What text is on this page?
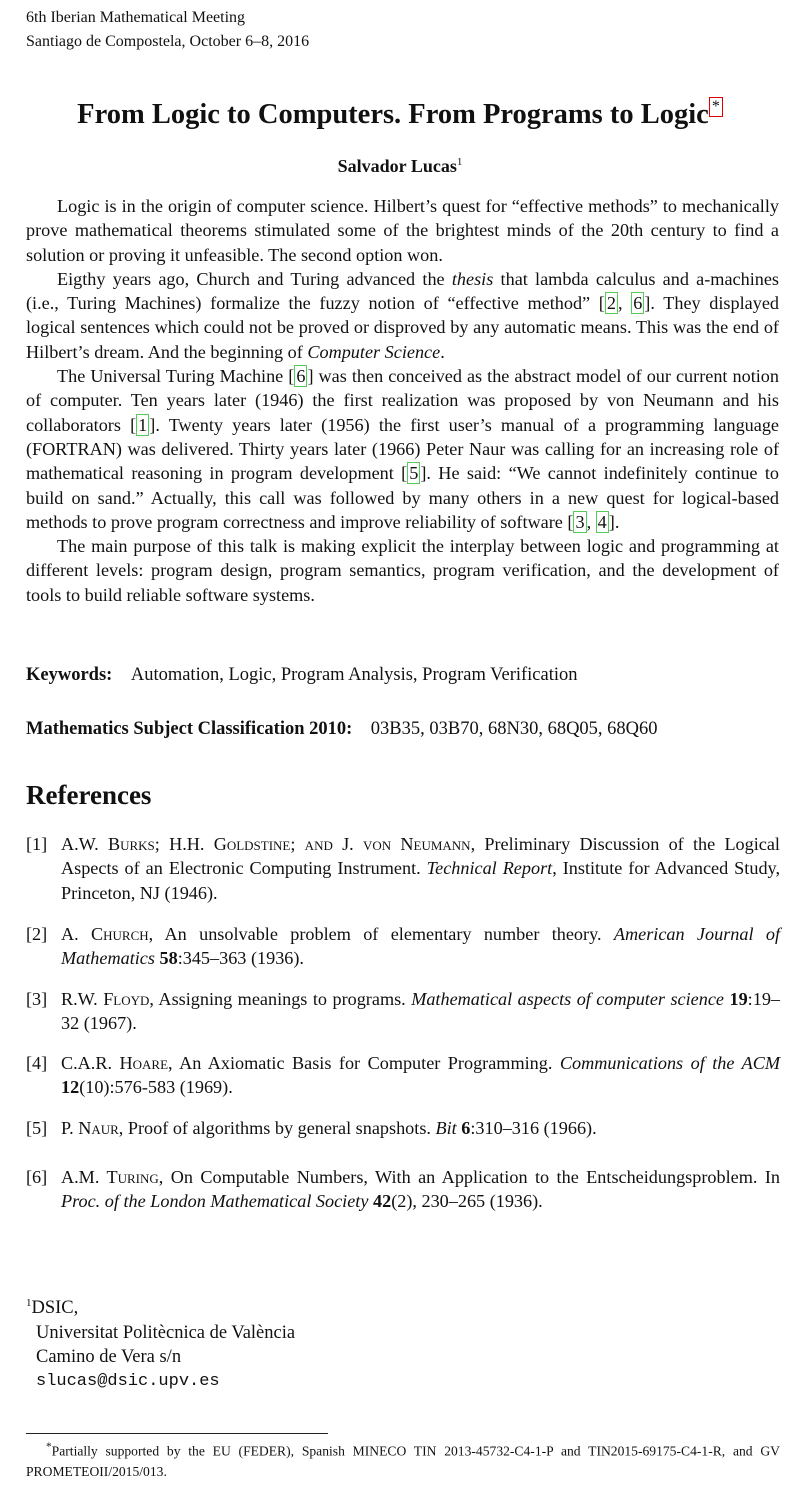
6th Iberian Mathematical Meeting
Santiago de Compostela, October 6–8, 2016
From Logic to Computers. From Programs to Logic *
Salvador Lucas$^1$

Logic is in the origin of computer science. Hilbert’s quest for “effective methods” to mechanically prove mathematical theorems stimulated some of the brightest minds of the 20th century to find a solution or proving it unfeasible. The second option won.

Eigthy years ago, Church and Turing advanced the thesis that lambda calculus and a-machines (i.e., Turing Machines) formalize the fuzzy notion of “effective method” [ 2 , 6 ]. They displayed logical sentences which could not be proved or disproved by any automatic means. This was the end of Hilbert’s dream. And the beginning of Computer Science.

The Universal Turing Machine [ 6 ] was then conceived as the abstract model of our current notion of computer. Ten years later (1946) the first realization was proposed by von Neumann and his collaborators [ 1 ]. Twenty years later (1956) the first user’s manual of a programming language (FORTRAN) was delivered. Thirty years later (1966) Peter Naur was calling for an increasing role of mathematical reasoning in program development [ 5 ]. He said: “We cannot indefinitely continue to build on sand.” Actually, this call was followed by many others in a new quest for logical-based methods to prove program correctness and improve reliability of software [ 3 , 4 ].

The main purpose of this talk is making explicit the interplay between logic and programming at different levels: program design, program semantics, program verification, and the development of tools to build reliable software systems.

Keywords: Automation, Logic, Program Analysis, Program Verification
Mathematics Subject Classification 2010: 03B35, 03B70, 68N30, 68Q05, 68Q60
References
[1] A.W. Burks; H.H. Goldstine; and J. von Neumann, Preliminary Discussion of the Logical Aspects of an Electronic Computing Instrument. Technical Report, Institute for Advanced Study, Princeton, NJ (1946).
[2] A. Church, An unsolvable problem of elementary number theory. American Journal of Mathematics 58:345–363 (1936).
[3] R.W. Floyd, Assigning meanings to programs. Mathematical aspects of computer science 19:19–32 (1967).
[4] C.A.R. Hoare, An Axiomatic Basis for Computer Programming. Communications of the ACM 12(10):576-583 (1969).
[5] P. Naur, Proof of algorithms by general snapshots. Bit 6:310–316 (1966).
[6] A.M. Turing, On Computable Numbers, With an Application to the Entscheidungsproblem. In Proc. of the London Mathematical Society 42(2), 230–265 (1936).
$^1$DSIC,
Universitat Politècnica de València
Camino de Vera s/n
slucas@dsic.upv.es
*Partially supported by the EU (FEDER), Spanish MINECO TIN 2013-45732-C4-1-P and TIN2015-69175-C4-1-R, and GV PROMETEOII/2015/013.
